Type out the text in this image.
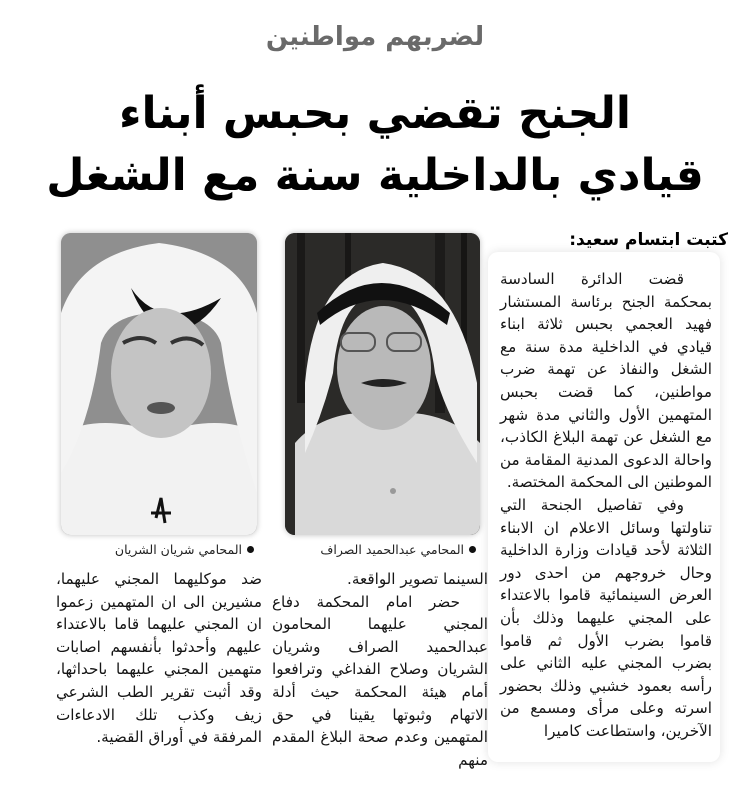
لضربهم مواطنين
الجنح تقضي بحبس أبناء
قيادي بالداخلية سنة مع الشغل
كتبت ابتسام سعيد:

قضت الدائرة السادسة بمحكمة الجنح برئاسة المستشار فهيد العجمي بحبس ثلاثة ابناء قيادي في الداخلية مدة سنة مع الشغل والنفاذ عن تهمة ضرب مواطنين، كما قضت بحبس المتهمين الأول والثاني مدة شهر مع الشغل عن تهمة البلاغ الكاذب، واحالة الدعوى المدنية المقامة من الموطنين الى المحكمة المختصة.

وفي تفاصيل الجنحة التي تناولتها وسائل الاعلام ان الابناء الثلاثة لأحد قيادات وزارة الداخلية وحال خروجهم من احدى دور العرض السينمائية قاموا بالاعتداء على المجني عليهما وذلك بأن قاموا بضرب الأول ثم قاموا بضرب المجني عليه الثاني على رأسه بعمود خشبي وذلك بحضور اسرته وعلى مرأى ومسمع من الآخرين، واستطاعت كاميرا

المحامي عبدالحميد الصراف
المحامي شريان الشريان

السينما تصوير الواقعة.

حضر امام المحكمة دفاع المجني عليهما المحامون عبدالحميد الصراف وشريان الشريان وصلاح الفداغي وترافعوا أمام هيئة المحكمة حيث أدلة الاتهام وثبوتها يقينا في حق المتهمين وعدم صحة البلاغ المقدم منهم

ضد موكليهما المجني عليهما، مشيرين الى ان المتهمين زعموا ان المجني عليهما قاما بالاعتداء عليهم وأحدثوا بأنفسهم اصابات متهمين المجني عليهما باحداثها، وقد أثبت تقرير الطب الشرعي زيف وكذب تلك الادعاءات المرفقة في أوراق القضية.
